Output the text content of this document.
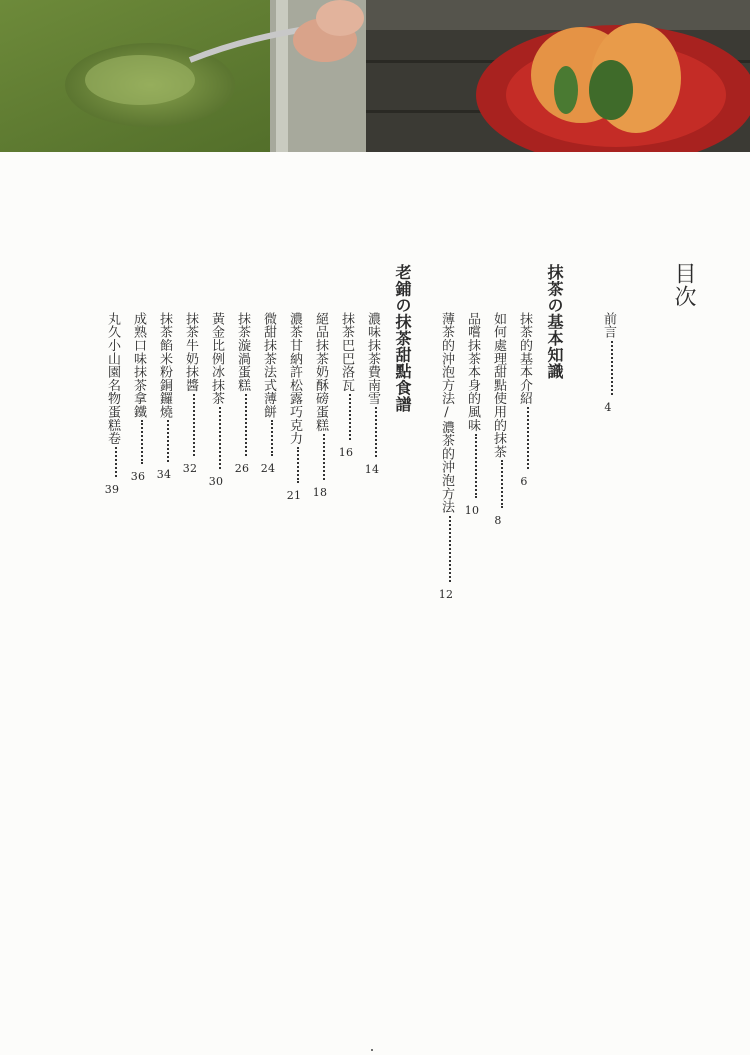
目次
前言4
抹茶の基本知識
抹茶的基本介紹6
如何處理甜點使用的抹茶8
品嚐抹茶本身的風味10
薄茶的沖泡方法/濃茶的沖泡方法12
老鋪の抹茶甜點食譜
濃味抹茶費南雪14
抹茶巴巴洛瓦16
絕品抹茶奶酥磅蛋糕18
濃茶甘納許松露巧克力21
微甜抹茶法式薄餅24
抹茶漩渦蛋糕26
黃金比例冰抹茶30
抹茶牛奶抹醬32
抹茶餡米粉銅鑼燒34
成熟口味抹茶拿鐵36
丸久小山園名物蛋糕卷39
